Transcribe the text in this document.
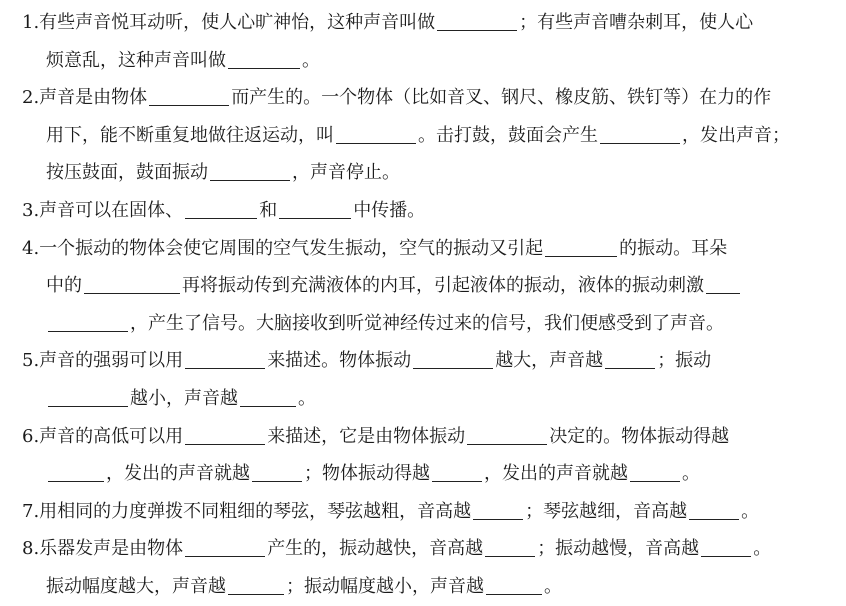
1.有些声音悦耳动听，使人心旷神怡，这种声音叫做	；有些声音嘈杂刺耳，使人心
烦意乱，这种声音叫做	。

2.声音是由物体	而产生的。一个物体（比如音叉、钢尺、橡皮筋、铁钉等）在力的作
用下，能不断重复地做往返运动，叫	。击打鼓，鼓面会产生	，发出声音；
按压鼓面，鼓面振动	，声音停止。

3.声音可以在固体、	和	中传播。

4.一个振动的物体会使它周围的空气发生振动，空气的振动又引起	的振动。耳朵
中的	再将振动传到充满液体的内耳，引起液体的振动，液体的振动刺激
，产生了信号。大脑接收到听觉神经传过来的信号，我们便感受到了声音。

5.声音的强弱可以用	来描述。物体振动	越大，声音越	；振动
越小，声音越	。

6.声音的高低可以用	来描述，它是由物体振动	决定的。物体振动得越
，发出的声音就越	；物体振动得越	，发出的声音就越	。

7.用相同的力度弹拨不同粗细的琴弦，琴弦越粗，音高越	；琴弦越细，音高越	。

8.乐器发声是由物体	产生的，振动越快，音高越	；振动越慢，音高越	。
振动幅度越大，声音越	；振动幅度越小，声音越	。
